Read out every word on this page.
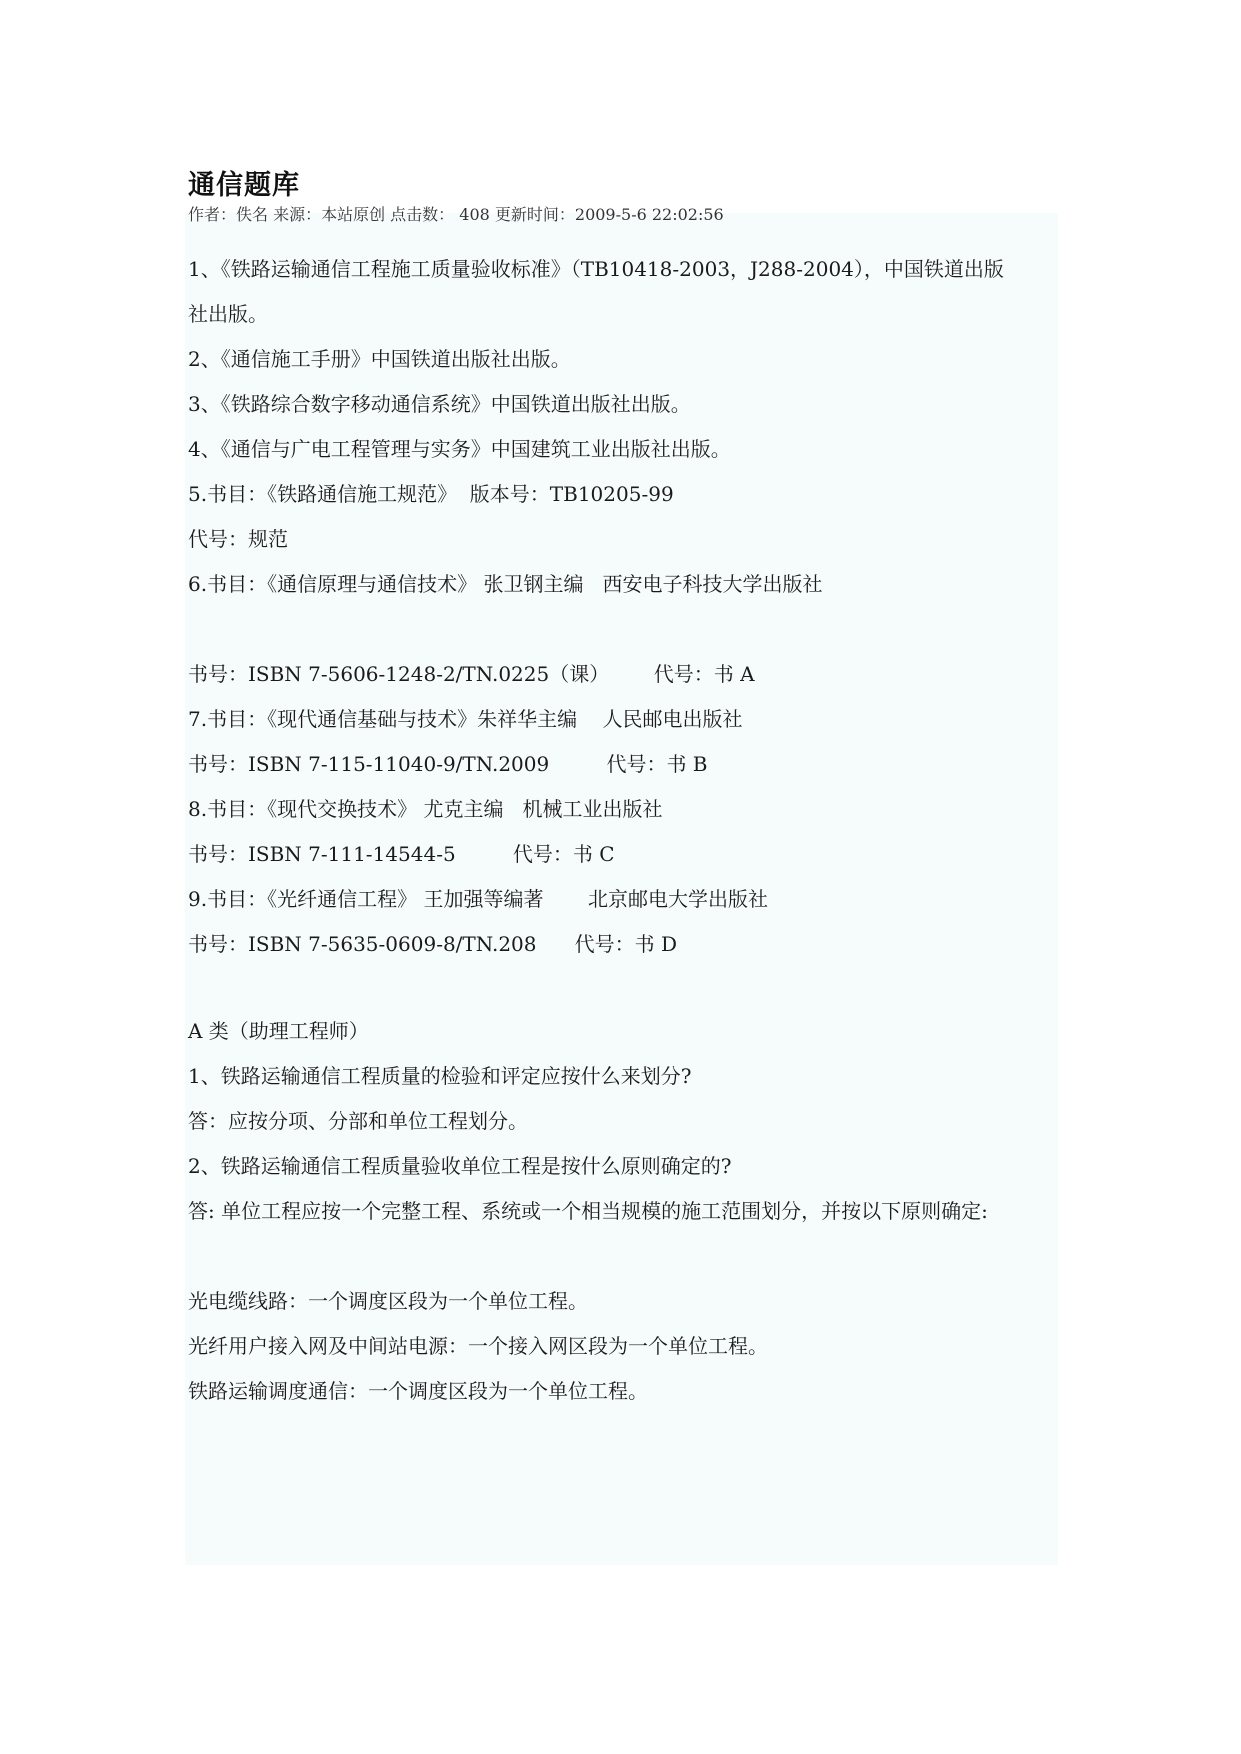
通信题库
作者：佚名 来源：本站原创 点击数： 408 更新时间：2009-5-6 22:02:56
1、《铁路运输通信工程施工质量验收标准》（TB10418-2003，J288-2004），中国铁道出版
社出版。
2、《通信施工手册》中国铁道出版社出版。
3、《铁路综合数字移动通信系统》中国铁道出版社出版。
4、《通信与广电工程管理与实务》中国建筑工业出版社出版。
5.书目：《铁路通信施工规范》  版本号：TB10205-99
代号：规范
6.书目：《通信原理与通信技术》 张卫钢主编   西安电子科技大学出版社
书号：ISBN 7-5606-1248-2/TN.0225（课）       代号：书 A
7.书目：《现代通信基础与技术》朱祥华主编    人民邮电出版社
书号：ISBN 7-115-11040-9/TN.2009         代号：书 B
8.书目：《现代交换技术》 尤克主编   机械工业出版社
书号：ISBN 7-111-14544-5         代号：书 C
9.书目：《光纤通信工程》 王加强等编著       北京邮电大学出版社
书号：ISBN 7-5635-0609-8/TN.208      代号：书 D
A 类（助理工程师）
1、铁路运输通信工程质量的检验和评定应按什么来划分?
答：应按分项、分部和单位工程划分。
2、铁路运输通信工程质量验收单位工程是按什么原则确定的?
答: 单位工程应按一个完整工程、系统或一个相当规模的施工范围划分，并按以下原则确定:
光电缆线路：一个调度区段为一个单位工程。
光纤用户接入网及中间站电源：一个接入网区段为一个单位工程。
铁路运输调度通信：一个调度区段为一个单位工程。
